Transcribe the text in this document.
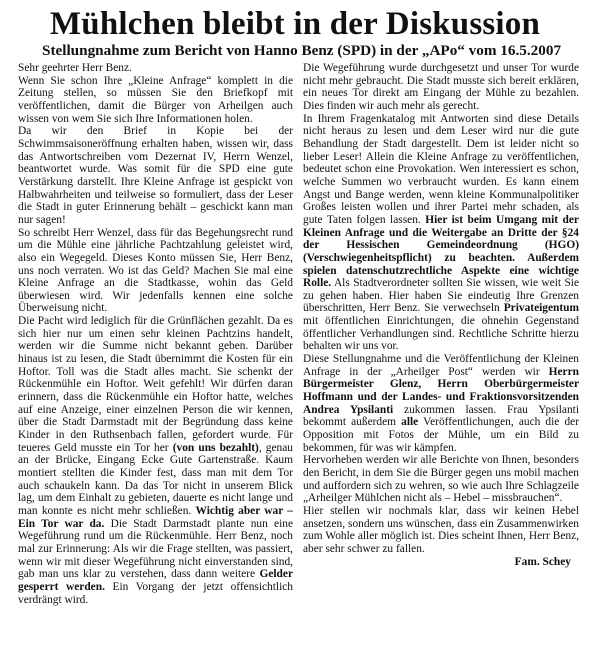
Mühlchen bleibt in der Diskussion
Stellungnahme zum Bericht von Hanno Benz (SPD) in der „APo“ vom 16.5.2007

Sehr geehrter Herr Benz.

Wenn Sie schon Ihre „Kleine Anfrage“ komplett in die Zeitung stellen, so müssen Sie den Briefkopf mit veröffentlichen, damit die Bürger von Arheilgen auch wissen von wem Sie sich Ihre Informationen holen.

Da wir den Brief in Kopie bei der Schwimmsaisoneröffnung erhalten haben, wissen wir, dass das Antwortschreiben vom Dezernat IV, Herrn Wenzel, beantwortet wurde. Was somit für die SPD eine gute Verstärkung darstellt. Ihre Kleine Anfrage ist gespickt von Halbwahrheiten und teilweise so formuliert, dass der Leser die Stadt in guter Erinnerung behält – geschickt kann man nur sagen!

So schreibt Herr Wenzel, dass für das Begehungsrecht rund um die Mühle eine jährliche Pachtzahlung geleistet wird, also ein Wegegeld. Dieses Konto müssen Sie, Herr Benz, uns noch verraten. Wo ist das Geld? Machen Sie mal eine Kleine Anfrage an die Stadtkasse, wohin das Geld überwiesen wird. Wir jedenfalls kennen eine solche Überweisung nicht.

Die Pacht wird lediglich für die Grünflächen gezahlt. Da es sich hier nur um einen sehr kleinen Pachtzins handelt, werden wir die Summe nicht bekannt geben. Darüber hinaus ist zu lesen, die Stadt übernimmt die Kosten für ein Hoftor. Toll was die Stadt alles macht. Sie schenkt der Rückenmühle ein Hoftor. Weit gefehlt! Wir dürfen daran erinnern, dass die Rückenmühle ein Hoftor hatte, welches auf eine Anzeige, einer einzelnen Person die wir kennen, über die Stadt Darmstadt mit der Begründung dass keine Kinder in den Ruthsenbach fallen, gefordert wurde. Für teueres Geld musste ein Tor her (von uns bezahlt), genau an der Brücke, Eingang Ecke Gute Gartenstraße. Kaum montiert stellten die Kinder fest, dass man mit dem Tor auch schaukeln kann. Da das Tor nicht in unserem Blick lag, um dem Einhalt zu gebieten, dauerte es nicht lange und man konnte es nicht mehr schließen. Wichtig aber war – Ein Tor war da. Die Stadt Darmstadt plante nun eine Wegeführung rund um die Rückenmühle. Herr Benz, noch mal zur Erinnerung: Als wir die Frage stellten, was passiert, wenn wir mit dieser Wegeführung nicht einverstanden sind, gab man uns klar zu verstehen, dass dann weitere Gelder gesperrt werden. Ein Vorgang der jetzt offensichtlich verdrängt wird.

Die Wegeführung wurde durchgesetzt und unser Tor wurde nicht mehr gebraucht. Die Stadt musste sich bereit erklären, ein neues Tor direkt am Eingang der Mühle zu bezahlen. Dies finden wir auch mehr als gerecht.

In Ihrem Fragenkatalog mit Antworten sind diese Details nicht heraus zu lesen und dem Leser wird nur die gute Behandlung der Stadt dargestellt. Dem ist leider nicht so lieber Leser! Allein die Kleine Anfrage zu veröffentlichen, bedeutet schon eine Provokation. Wen interessiert es schon, welche Summen wo verbraucht wurden. Es kann einem Angst und Bange werden, wenn kleine Kommunalpolitiker Großes leisten wollen und ihrer Partei mehr schaden, als gute Taten folgen lassen. Hier ist beim Umgang mit der Kleinen Anfrage und die Weitergabe an Dritte der §24 der Hessischen Gemeindeordnung (HGO) (Verschwiegenheitspflicht) zu beachten. Außerdem spielen datenschutzrechtliche Aspekte eine wichtige Rolle. Als Stadtverordneter sollten Sie wissen, wie weit Sie zu gehen haben. Hier haben Sie eindeutig Ihre Grenzen überschritten, Herr Benz. Sie verwechseln Privateigentum mit öffentlichen Einrichtungen, die ohnehin Gegenstand öffentlicher Verhandlungen sind. Rechtliche Schritte hierzu behalten wir uns vor.

Diese Stellungnahme und die Veröffentlichung der Kleinen Anfrage in der „Arheilger Post“ werden wir Herrn Bürgermeister Glenz, Herrn Oberbürgermeister Hoffmann und der Landes- und Fraktionsvorsitzenden Andrea Ypsilanti zukommen lassen. Frau Ypsilanti bekommt außerdem alle Veröffentlichungen, auch die der Opposition mit Fotos der Mühle, um ein Bild zu bekommen, für was wir kämpfen.

Hervorheben werden wir alle Berichte von Ihnen, besonders den Bericht, in dem Sie die Bürger gegen uns mobil machen und auffordern sich zu wehren, so wie auch Ihre Schlagzeile „Arheilger Mühlchen nicht als – Hebel – missbrauchen“.

Hier stellen wir nochmals klar, dass wir keinen Hebel ansetzen, sondern uns wünschen, dass ein Zusammenwirken zum Wohle aller möglich ist. Dies scheint Ihnen, Herr Benz, aber sehr schwer zu fallen.

Fam. Schey
